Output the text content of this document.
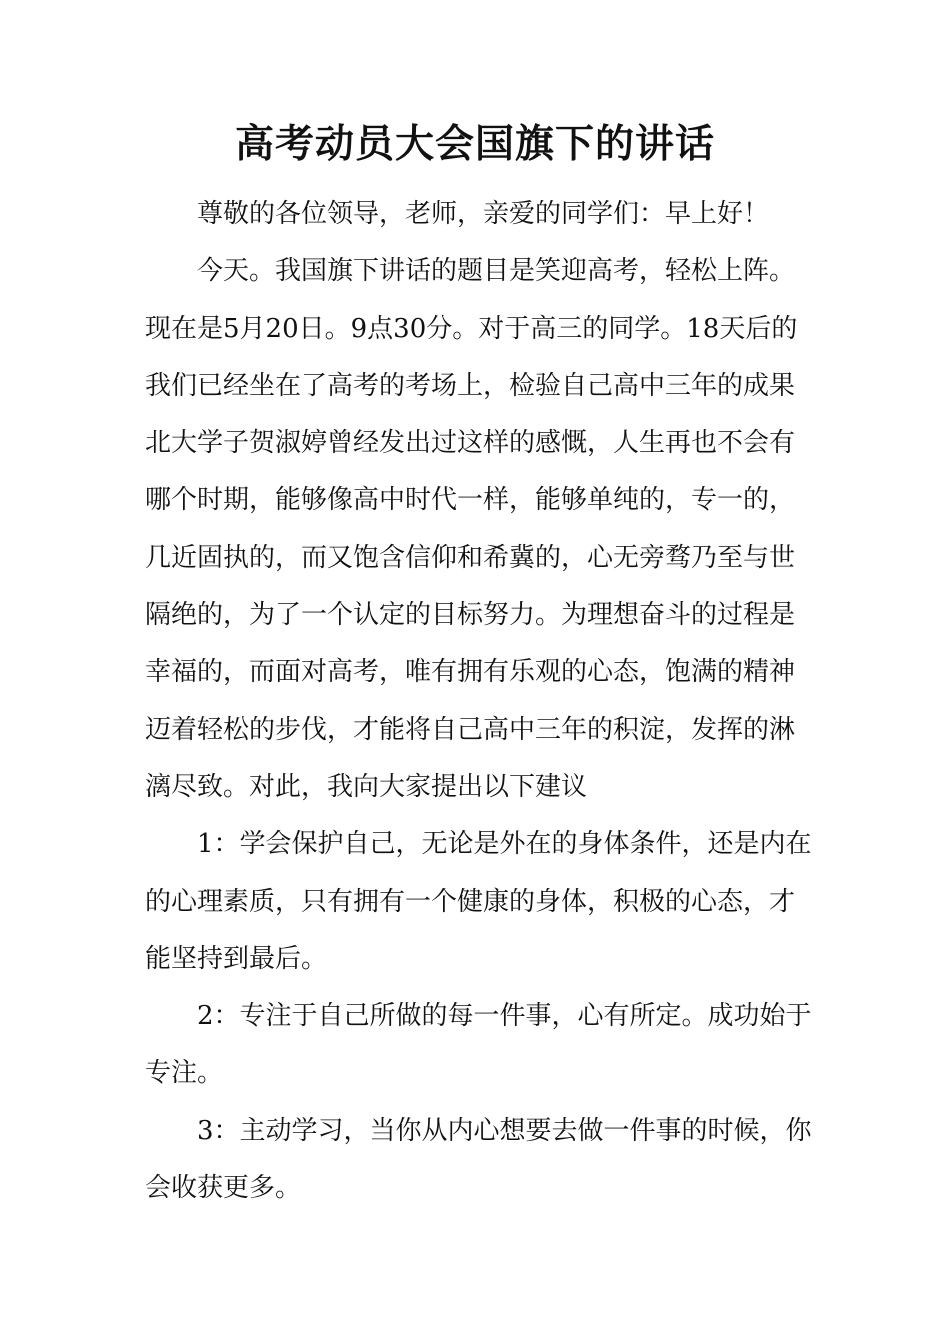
高考动员大会国旗下的讲话

尊敬的各位领导，老师，亲爱的同学们：早上好！

今天。我国旗下讲话的题目是笑迎高考，轻松上阵。

现在是5月20日。9点30分。对于高三的同学。18天后的

我们已经坐在了高考的考场上，检验自己高中三年的成果

北大学子贺淑婷曾经发出过这样的感慨，人生再也不会有

哪个时期，能够像高中时代一样，能够单纯的，专一的，

几近固执的，而又饱含信仰和希冀的，心无旁骛乃至与世

隔绝的，为了一个认定的目标努力。为理想奋斗的过程是

幸福的，而面对高考，唯有拥有乐观的心态，饱满的精神

迈着轻松的步伐，才能将自己高中三年的积淀，发挥的淋

漓尽致。对此，我向大家提出以下建议

1：学会保护自己，无论是外在的身体条件，还是内在

的心理素质，只有拥有一个健康的身体，积极的心态，才

能坚持到最后。

2：专注于自己所做的每一件事，心有所定。成功始于

专注。

3：主动学习，当你从内心想要去做一件事的时候，你

会收获更多。
